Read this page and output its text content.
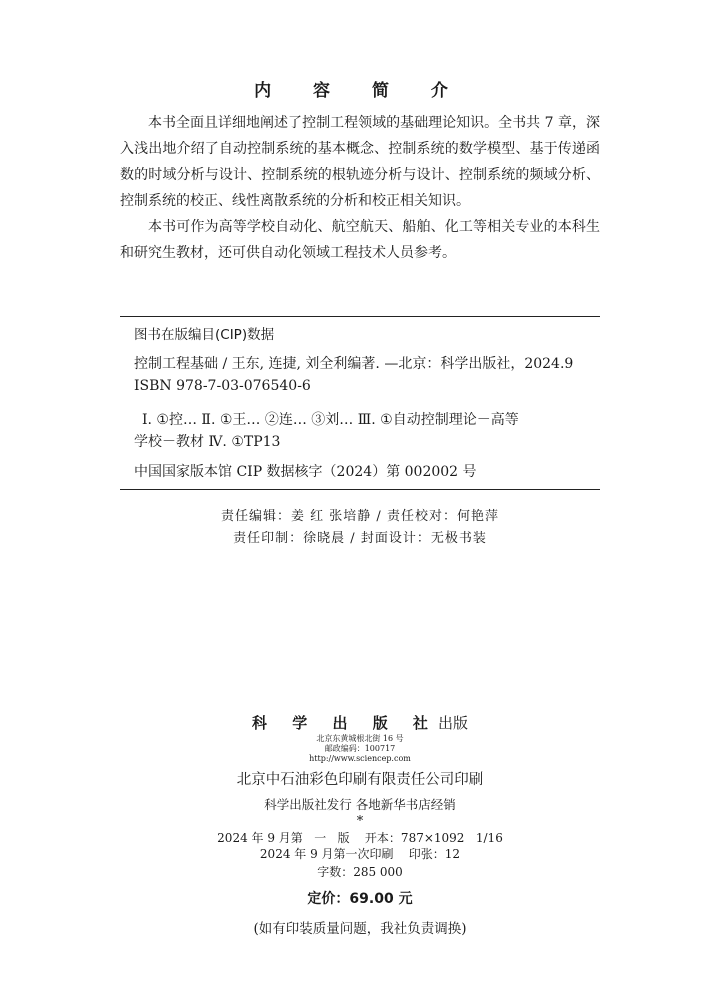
内 容 简 介

本书全面且详细地阐述了控制工程领域的基础理论知识。全书共 7 章，深入浅出地介绍了自动控制系统的基本概念、控制系统的数学模型、基于传递函数的时域分析与设计、控制系统的根轨迹分析与设计、控制系统的频域分析、控制系统的校正、线性离散系统的分析和校正相关知识。

本书可作为高等学校自动化、航空航天、船舶、化工等相关专业的本科生和研究生教材，还可供自动化领域工程技术人员参考。

图书在版编目(CIP)数据
控制工程基础 / 王东, 连捷, 刘全利编著. —北京：科学出版社，2024.9
ISBN 978-7-03-076540-6
Ⅰ. ①控… Ⅱ. ①王… ②连… ③刘… Ⅲ. ①自动控制理论－高等
学校－教材 Ⅳ. ①TP13
中国国家版本馆 CIP 数据核字（2024）第 002002 号
责任编辑：姜 红 张培静 / 责任校对：何艳萍
责任印制：徐晓晨 / 封面设计：无极书装
科 学 出 版 社出版
北京东黄城根北街 16 号
邮政编码：100717
http://www.sciencep.com
北京中石油彩色印刷有限责任公司印刷
科学出版社发行 各地新华书店经销
*
2024 年 9 月第   一   版    开本：787×1092   1/16
2024 年 9 月第一次印刷    印张：12
字数：285 000
定价：69.00 元
(如有印装质量问题，我社负责调换)
